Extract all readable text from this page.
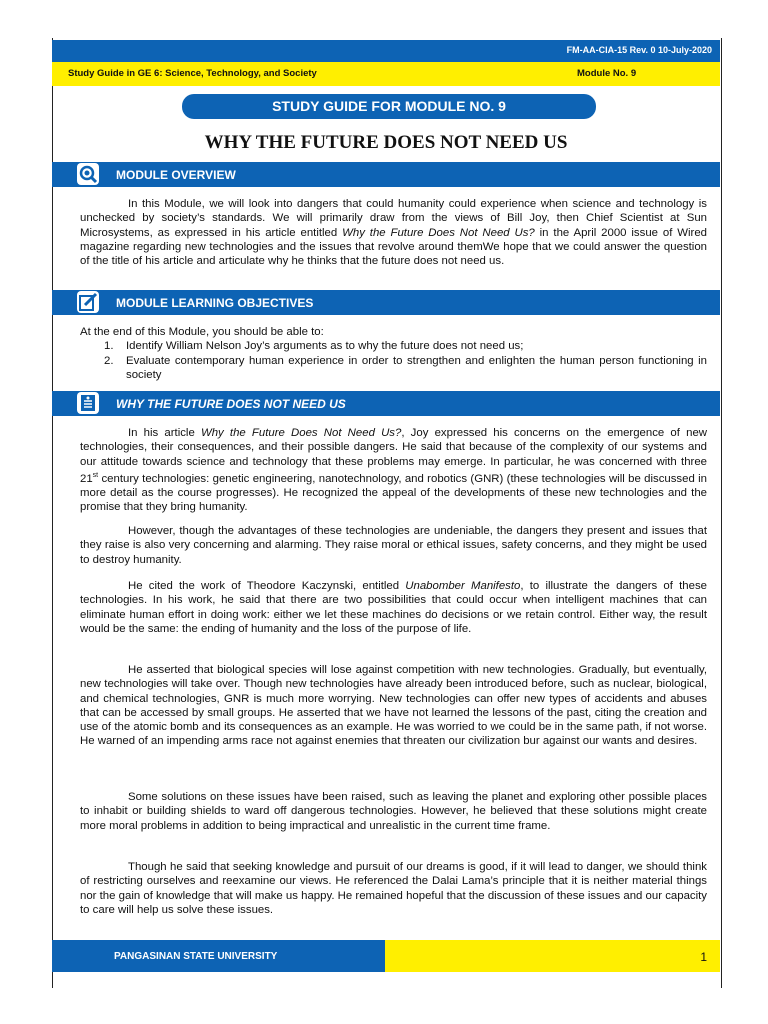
FM-AA-CIA-15 Rev. 0 10-July-2020
Study Guide in GE 6: Science, Technology, and Society	Module No. 9
STUDY GUIDE FOR MODULE NO. 9
WHY THE FUTURE DOES NOT NEED US
MODULE OVERVIEW
In this Module, we will look into dangers that could humanity could experience when science and technology is unchecked by society’s standards. We will primarily draw from the views of Bill Joy, then Chief Scientist at Sun Microsystems, as expressed in his article entitled Why the Future Does Not Need Us? in the April 2000 issue of Wired magazine regarding new technologies and the issues that revolve around themWe hope that we could answer the question of the title of his article and articulate why he thinks that the future does not need us.
MODULE LEARNING OBJECTIVES
At the end of this Module, you should be able to:
1.	Identify William Nelson Joy’s arguments as to why the future does not need us;
2.	Evaluate contemporary human experience in order to strengthen and enlighten the human person functioning in society
WHY THE FUTURE DOES NOT NEED US
In his article Why the Future Does Not Need Us?, Joy expressed his concerns on the emergence of new technologies, their consequences, and their possible dangers. He said that because of the complexity of our systems and our attitude towards science and technology that these problems may emerge. In particular, he was concerned with three 21st century technologies: genetic engineering, nanotechnology, and robotics (GNR) (these technologies will be discussed in more detail as the course progresses). He recognized the appeal of the developments of these new technologies and the promise that they bring humanity.
However, though the advantages of these technologies are undeniable, the dangers they present and issues that they raise is also very concerning and alarming. They raise moral or ethical issues, safety concerns, and they might be used to destroy humanity.
He cited the work of Theodore Kaczynski, entitled Unabomber Manifesto, to illustrate the dangers of these technologies. In his work, he said that there are two possibilities that could occur when intelligent machines that can eliminate human effort in doing work: either we let these machines do decisions or we retain control. Either way, the result would be the same: the ending of humanity and the loss of the purpose of life.
He asserted that biological species will lose against competition with new technologies. Gradually, but eventually, new technologies will take over. Though new technologies have already been introduced before, such as nuclear, biological, and chemical technologies, GNR is much more worrying. New technologies can offer new types of accidents and abuses that can be accessed by small groups. He asserted that we have not learned the lessons of the past, citing the creation and use of the atomic bomb and its consequences as an example. He was worried to we could be in the same path, if not worse. He warned of an impending arms race not against enemies that threaten our civilization bur against our wants and desires.
Some solutions on these issues have been raised, such as leaving the planet and exploring other possible places to inhabit or building shields to ward off dangerous technologies. However, he believed that these solutions might create more moral problems in addition to being impractical and unrealistic in the current time frame.
Though he said that seeking knowledge and pursuit of our dreams is good, if it will lead to danger, we should think of restricting ourselves and reexamine our views. He referenced the Dalai Lama’s principle that it is neither material things nor the gain of knowledge that will make us happy. He remained hopeful that the discussion of these issues and our capacity to care will help us solve these issues.
PANGASINAN STATE UNIVERSITY	1
